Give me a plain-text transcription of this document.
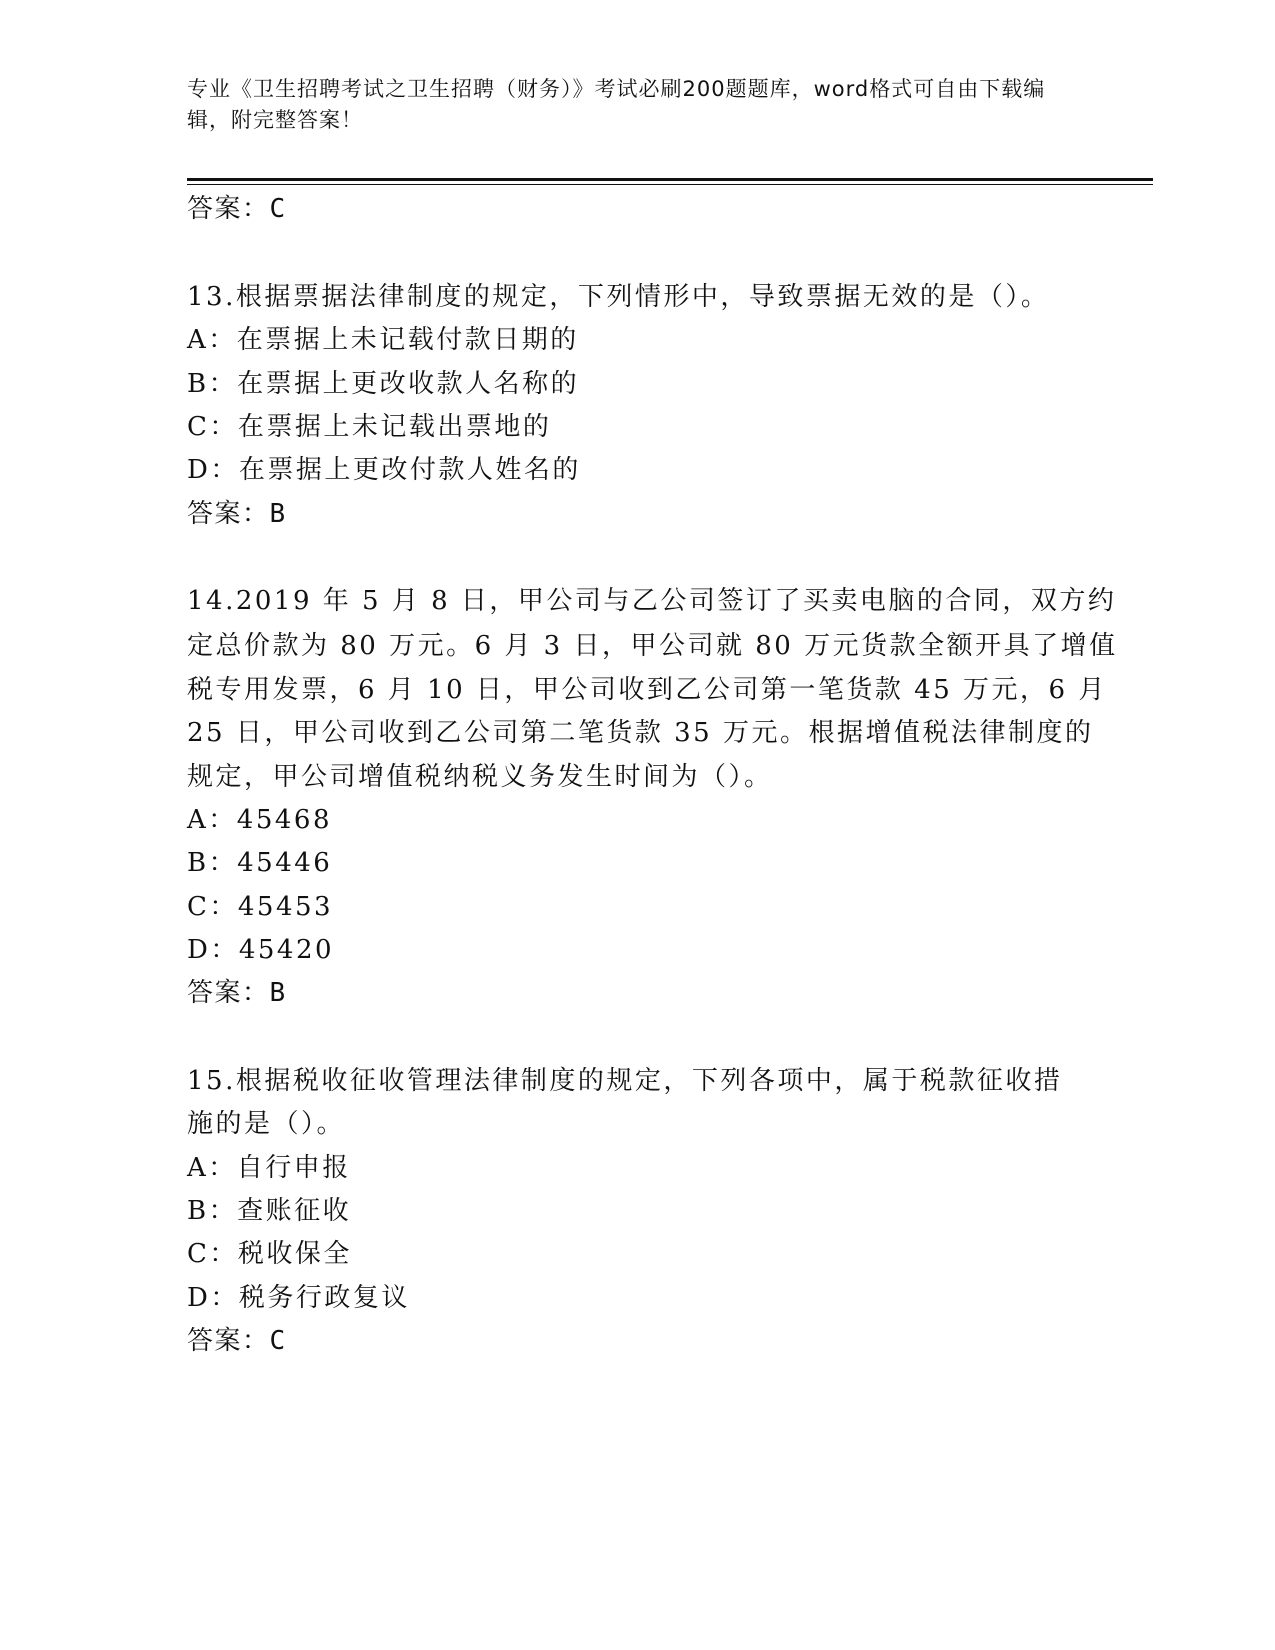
专业《卫生招聘考试之卫生招聘（财务）》考试必刷200题题库，word格式可自由下载编辑，附完整答案！
答案：C
13.根据票据法律制度的规定，下列情形中，导致票据无效的是（）。
A：在票据上未记载付款日期的
B：在票据上更改收款人名称的
C：在票据上未记载出票地的
D：在票据上更改付款人姓名的
答案：B
14.2019 年 5 月 8 日，甲公司与乙公司签订了买卖电脑的合同，双方约
定总价款为 80 万元。6 月 3 日，甲公司就 80 万元货款全额开具了增值
税专用发票，6 月 10 日，甲公司收到乙公司第一笔货款 45 万元，6 月
25 日，甲公司收到乙公司第二笔货款 35 万元。根据增值税法律制度的
规定，甲公司增值税纳税义务发生时间为（）。
A：45468
B：45446
C：45453
D：45420
答案：B
15.根据税收征收管理法律制度的规定，下列各项中，属于税款征收措
施的是（）。
A：自行申报
B：查账征收
C：税收保全
D：税务行政复议
答案：C
